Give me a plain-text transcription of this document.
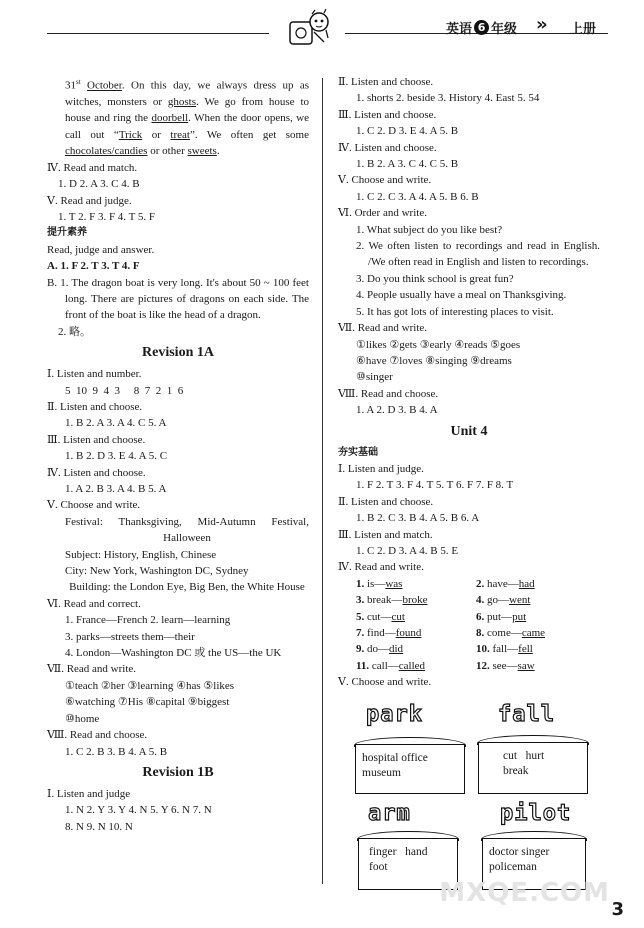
英语 6 年级 » 上册

31st October. On this day, we always dress up as witches, monsters or ghosts. We go from house to house and ring the doorbell. When the door opens, we call out “Trick or treat”. We often get some chocolates/candies or other sweets.

Ⅳ. Read and match.

1. D 2. A 3. C 4. B

Ⅴ. Read and judge.

1. T 2. F 3. F 4. T 5. F

提升素养

Read, judge and answer.

A. 1. F 2. T 3. T 4. F

B. 1. The dragon boat is very long. It's about 50 ~ 100 feet long. There are pictures of dragons on each side. The front of the boat is like the head of a dragon.

2. 略。

Revision 1A

Ⅰ. Listen and number.

5  10  9  4  3     8  7  2  1  6

Ⅱ. Listen and choose.

1. B 2. A 3. A 4. C 5. A

Ⅲ. Listen and choose.

1. B 2. D 3. E 4. A 5. C

Ⅳ. Listen and choose.

1. A 2. B 3. A 4. B 5. A

Ⅴ. Choose and write.

Festival: Thanksgiving, Mid-Autumn Festival, Halloween

Subject: History, English, Chinese

City: New York, Washington DC, Sydney

Building: the London Eye, Big Ben, the White House

Ⅵ. Read and correct.

1. France—French 2. learn—learning

3. parks—streets them—their

4. London—Washington DC 或 the US—the UK

Ⅶ. Read and write.

①teach ②her ③learning ④has ⑤likes

⑥watching ⑦His ⑧capital ⑨biggest

⑩home

Ⅷ. Read and choose.

1. C 2. B 3. B 4. A 5. B

Revision 1B

Ⅰ. Listen and judge

1. N 2. Y 3. Y 4. N 5. Y 6. N 7. N

8. N 9. N 10. N

Ⅱ. Listen and choose.

1. shorts 2. beside 3. History 4. East 5. 54

Ⅲ. Listen and choose.

1. C 2. D 3. E 4. A 5. B

Ⅳ. Listen and choose.

1. B 2. A 3. C 4. C 5. B

Ⅴ. Choose and write.

1. C 2. C 3. A 4. A 5. B 6. B

Ⅵ. Order and write.

1. What subject do you like best?

2. We often listen to recordings and read in English. /We often read in English and listen to recordings.

3. Do you think school is great fun?

4. People usually have a meal on Thanksgiving.

5. It has got lots of interesting places to visit.

Ⅶ. Read and write.

①likes ②gets ③early ④reads ⑤goes

⑥have ⑦loves ⑧singing ⑨dreams

⑩singer

Ⅷ. Read and choose.

1. A 2. D 3. B 4. A

Unit 4

夯实基础

Ⅰ. Listen and judge.

1. F 2. T 3. F 4. T 5. T 6. F 7. F 8. T

Ⅱ. Listen and choose.

1. B 2. C 3. B 4. A 5. B 6. A

Ⅲ. Listen and match.

1. C 2. D 3. A 4. B 5. E

Ⅳ. Read and write.

1. is—was	2. have—had
3. break—broke	4. go—went
5. cut—cut	6. put—put
7. find—found	8. come—came
9. do—did	10. fall—fell
11. call—called	12. see—saw

Ⅴ. Choose and write.

park	fall
hospital office
museum
cut   hurt
break
arm	pilot
finger   hand
foot
doctor singer
policeman
MXQE.COM
3
